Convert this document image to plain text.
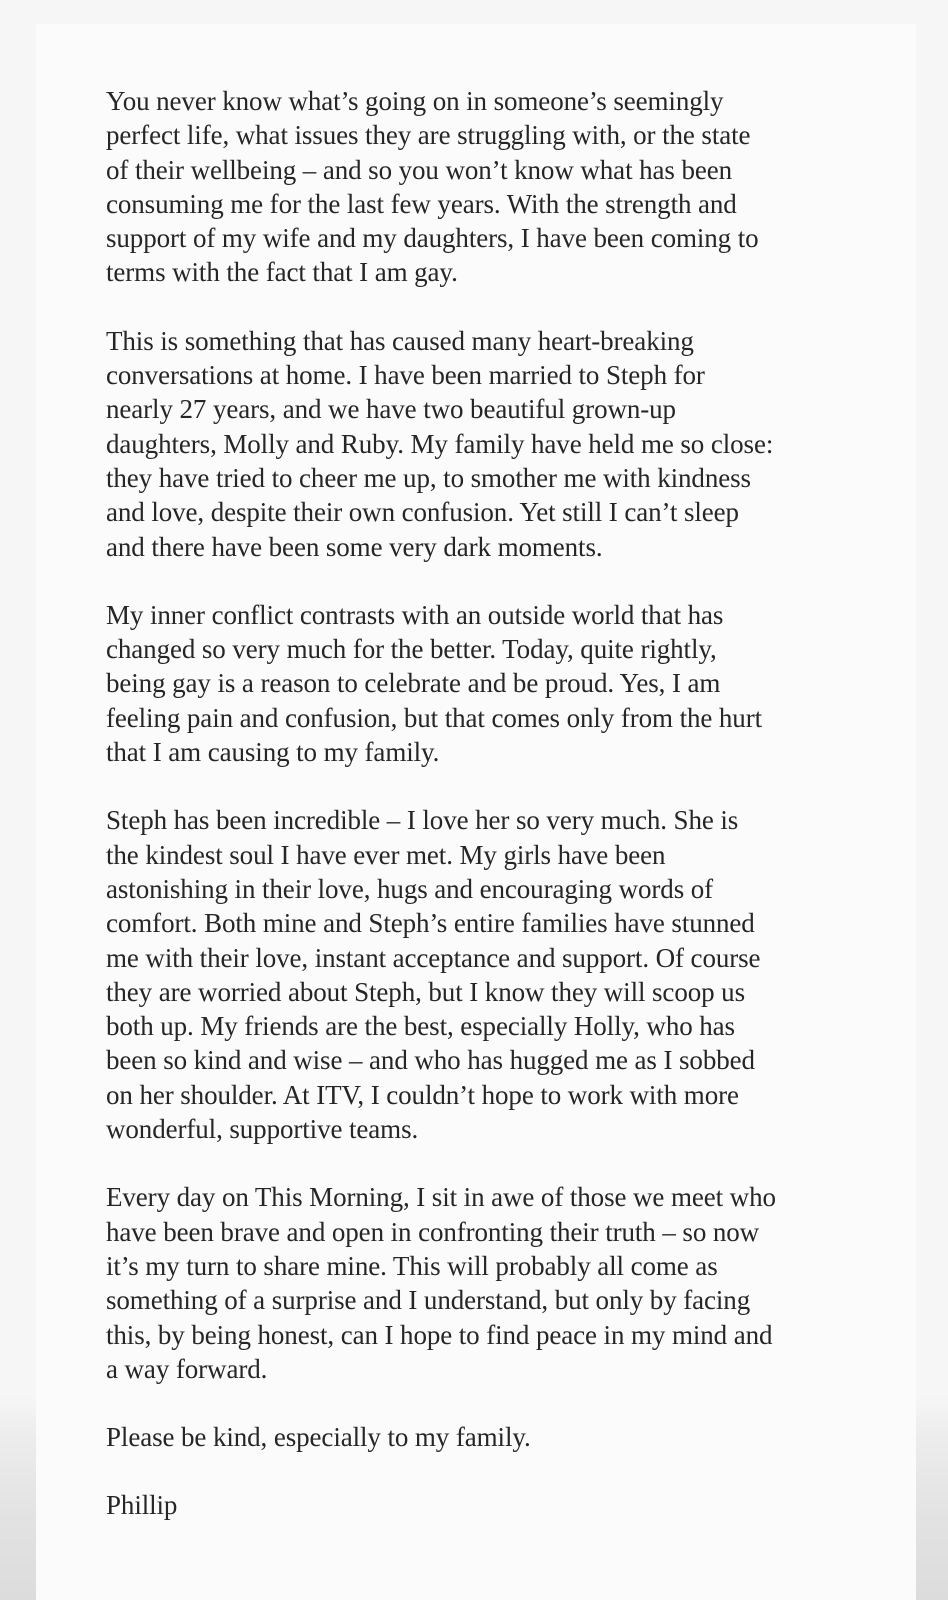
You never know what’s going on in someone’s seemingly
perfect life, what issues they are struggling with, or the state
of their wellbeing – and so you won’t know what has been
consuming me for the last few years. With the strength and
support of my wife and my daughters, I have been coming to
terms with the fact that I am gay.
This is something that has caused many heart-breaking
conversations at home. I have been married to Steph for
nearly 27 years, and we have two beautiful grown-up
daughters, Molly and Ruby. My family have held me so close:
they have tried to cheer me up, to smother me with kindness
and love, despite their own confusion. Yet still I can’t sleep
and there have been some very dark moments.
My inner conflict contrasts with an outside world that has
changed so very much for the better. Today, quite rightly,
being gay is a reason to celebrate and be proud. Yes, I am
feeling pain and confusion, but that comes only from the hurt
that I am causing to my family.
Steph has been incredible – I love her so very much. She is
the kindest soul I have ever met. My girls have been
astonishing in their love, hugs and encouraging words of
comfort. Both mine and Steph’s entire families have stunned
me with their love, instant acceptance and support. Of course
they are worried about Steph, but I know they will scoop us
both up. My friends are the best, especially Holly, who has
been so kind and wise – and who has hugged me as I sobbed
on her shoulder. At ITV, I couldn’t hope to work with more
wonderful, supportive teams.
Every day on This Morning, I sit in awe of those we meet who
have been brave and open in confronting their truth – so now
it’s my turn to share mine. This will probably all come as
something of a surprise and I understand, but only by facing
this, by being honest, can I hope to find peace in my mind and
a way forward.
Please be kind, especially to my family.
Phillip
